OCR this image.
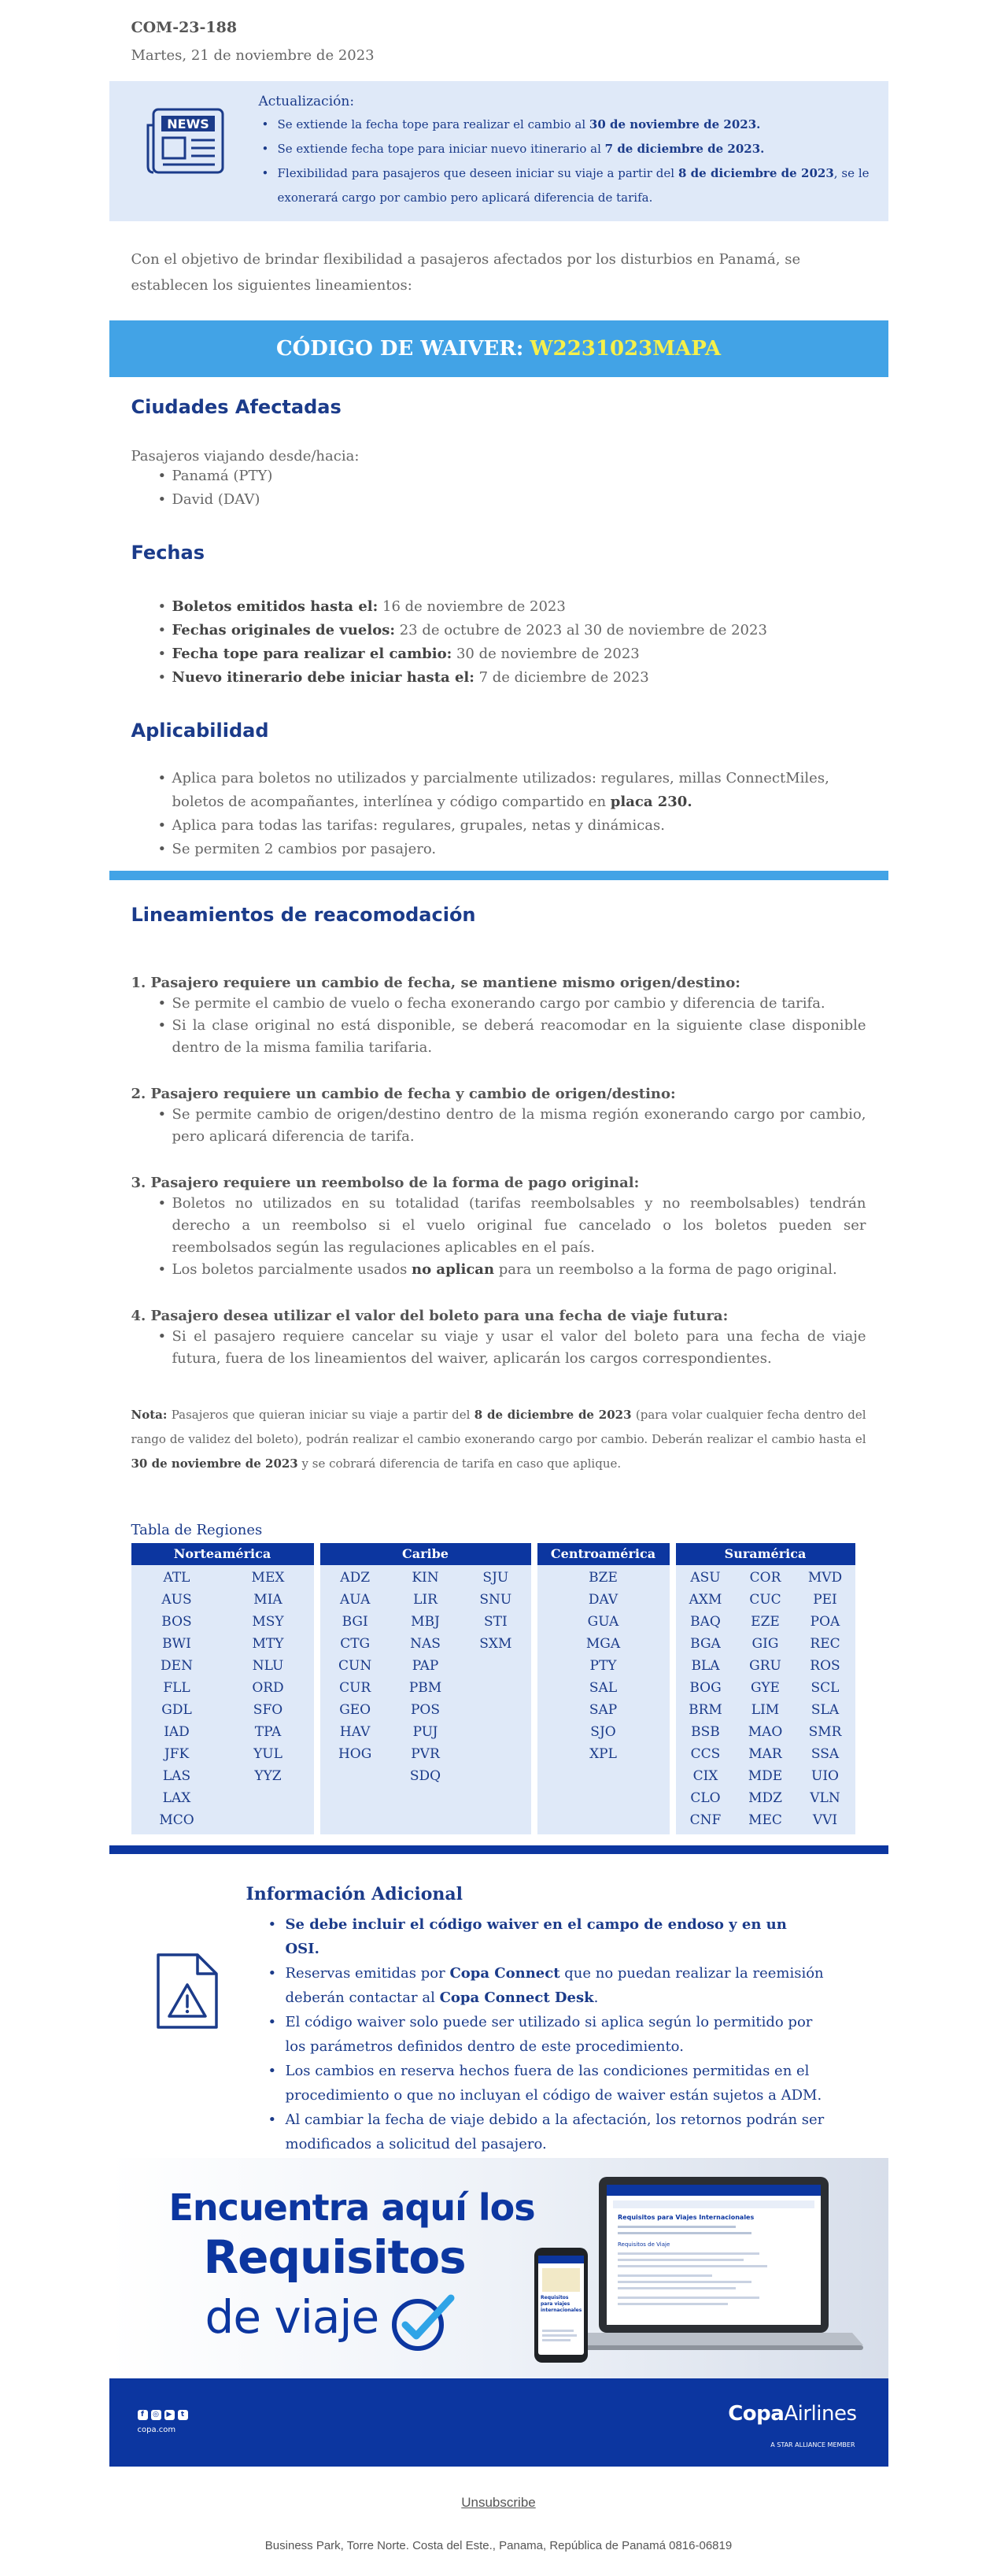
COM-23-188
Martes, 21 de noviembre de 2023
NEWS
Actualización:
• Se extiende la fecha tope para realizar el cambio al 30 de noviembre de 2023.
• Se extiende fecha tope para iniciar nuevo itinerario al 7 de diciembre de 2023.
• Flexibilidad para pasajeros que deseen iniciar su viaje a partir del 8 de diciembre de 2023, se le exonerará cargo por cambio pero aplicará diferencia de tarifa.

Con el objetivo de brindar flexibilidad a pasajeros afectados por los disturbios en Panamá, se establecen los siguientes lineamientos:

CÓDIGO DE WAIVER: W2231023MAPA
Ciudades Afectadas
Pasajeros viajando desde/hacia:
• Panamá (PTY)
• David (DAV)
Fechas
• Boletos emitidos hasta el: 16 de noviembre de 2023
• Fechas originales de vuelos: 23 de octubre de 2023 al 30 de noviembre de 2023
• Fecha tope para realizar el cambio: 30 de noviembre de 2023
• Nuevo itinerario debe iniciar hasta el: 7 de diciembre de 2023
Aplicabilidad
• Aplica para boletos no utilizados y parcialmente utilizados: regulares, millas ConnectMiles, boletos de acompañantes, interlínea y código compartido en placa 230.
• Aplica para todas las tarifas: regulares, grupales, netas y dinámicas.
• Se permiten 2 cambios por pasajero.
Lineamientos de reacomodación
1. Pasajero requiere un cambio de fecha, se mantiene mismo origen/destino:
• Se permite el cambio de vuelo o fecha exonerando cargo por cambio y diferencia de tarifa.
• Si la clase original no está disponible, se deberá reacomodar en la siguiente clase disponible dentro de la misma familia tarifaria.
2. Pasajero requiere un cambio de fecha y cambio de origen/destino:
• Se permite cambio de origen/destino dentro de la misma región exonerando cargo por cambio, pero aplicará diferencia de tarifa.
3. Pasajero requiere un reembolso de la forma de pago original:
• Boletos no utilizados en su totalidad (tarifas reembolsables y no reembolsables) tendrán derecho a un reembolso si el vuelo original fue cancelado o los boletos pueden ser reembolsados según las regulaciones aplicables en el país.
• Los boletos parcialmente usados no aplican para un reembolso a la forma de pago original.
4. Pasajero desea utilizar el valor del boleto para una fecha de viaje futura:
• Si el pasajero requiere cancelar su viaje y usar el valor del boleto para una fecha de viaje futura, fuera de los lineamientos del waiver, aplicarán los cargos correspondientes.

Nota: Pasajeros que quieran iniciar su viaje a partir del 8 de diciembre de 2023 (para volar cualquier fecha dentro del rango de validez del boleto), podrán realizar el cambio exonerando cargo por cambio. Deberán realizar el cambio hasta el 30 de noviembre de 2023 y se cobrará diferencia de tarifa en caso que aplique.

Tabla de Regiones
Norteamérica
ATL	MEX
AUS	MIA
BOS	MSY
BWI	MTY
DEN	NLU
FLL	ORD
GDL	SFO
IAD	TPA
JFK	YUL
LAS	YYZ
LAX
MCO
Caribe
ADZ	KIN	SJU
AUA	LIR	SNU
BGI	MBJ	STI
CTG	NAS	SXM
CUN	PAP
CUR	PBM
GEO	POS
HAV	PUJ
HOG	PVR
SDQ
Centroamérica
BZE
DAV
GUA
MGA
PTY
SAL
SAP
SJO
XPL
Suramérica
ASU	COR	MVD
AXM	CUC	PEI
BAQ	EZE	POA
BGA	GIG	REC
BLA	GRU	ROS
BOG	GYE	SCL
BRM	LIM	SLA
BSB	MAO	SMR
CCS	MAR	SSA
CIX	MDE	UIO
CLO	MDZ	VLN
CNF	MEC	VVI
Información Adicional
• Se debe incluir el código waiver en el campo de endoso y en un OSI.
• Reservas emitidas por Copa Connect que no puedan realizar la reemisión deberán contactar al Copa Connect Desk.
• El código waiver solo puede ser utilizado si aplica según lo permitido por los parámetros definidos dentro de este procedimiento.
• Los cambios en reserva hechos fuera de las condiciones permitidas en el procedimiento o que no incluyan el código de waiver están sujetos a ADM.
• Al cambiar la fecha de viaje debido a la afectación, los retornos podrán ser modificados a solicitud del pasajero.
Encuentra aquí los
Requisitos
de viaje
Requisitos para Viajes Internacionales
Requisitos de Viaje
Requisitos para viajes internacionales
f	◎	▶	t
copa.com
CopaAirlines
A STAR ALLIANCE MEMBER
Unsubscribe
Business Park, Torre Norte. Costa del Este., Panama, República de Panamá 0816-06819
